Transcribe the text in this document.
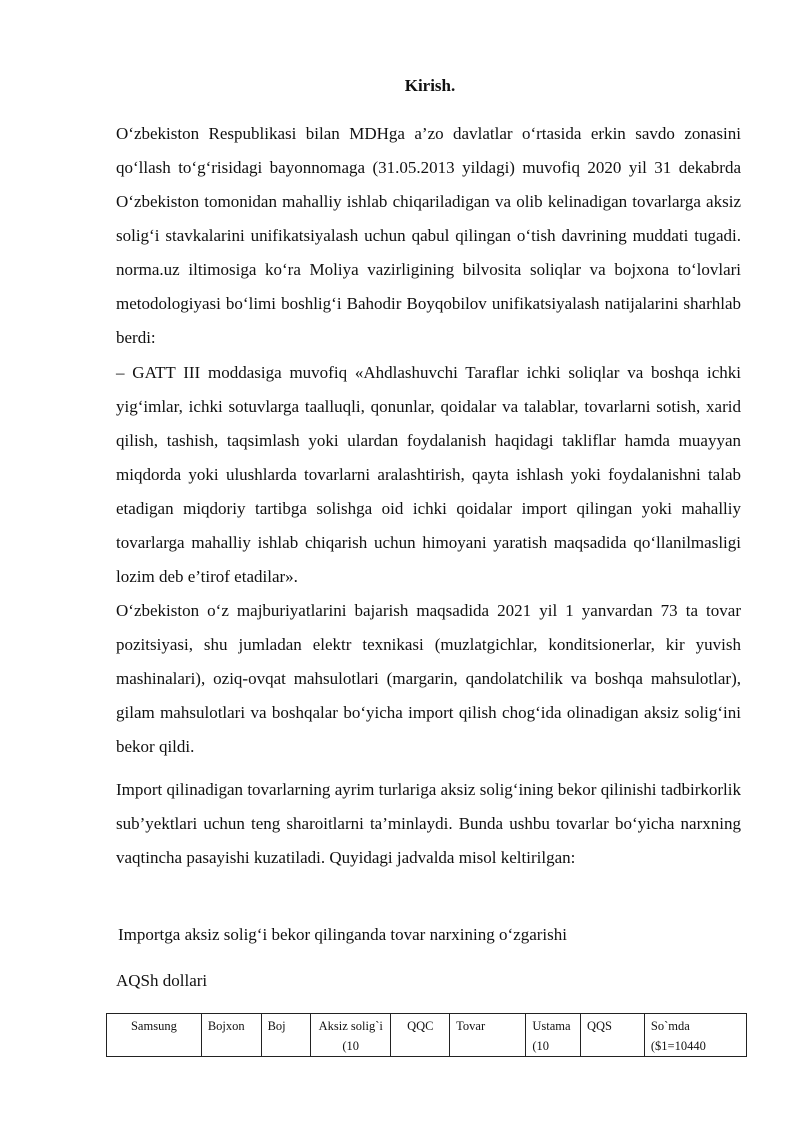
Kirish.

O‘zbekiston Respublikasi bilan MDHga a’zo davlatlar o‘rtasida erkin savdo zonasini qo‘llash to‘g‘risidagi bayonnomaga (31.05.2013 yildagi) muvofiq 2020 yil 31 dekabrda O‘zbekiston tomonidan mahalliy ishlab chiqariladigan va olib kelinadigan tovarlarga aksiz solig‘i stavkalarini unifikatsiyalash uchun qabul qilingan o‘tish davrining muddati tugadi. norma.uz iltimosiga ko‘ra Moliya vazirligining bilvosita soliqlar va bojxona to‘lovlari metodologiyasi bo‘limi boshlig‘i Bahodir Boyqobilov unifikatsiyalash natijalarini sharhlab berdi:

– GATT III moddasiga muvofiq «Ahdlashuvchi Taraflar ichki soliqlar va boshqa ichki yig‘imlar, ichki sotuvlarga taalluqli, qonunlar, qoidalar va talablar, tovarlarni sotish, xarid qilish, tashish, taqsimlash yoki ulardan foydalanish haqidagi takliflar hamda muayyan miqdorda yoki ulushlarda tovarlarni aralashtirish, qayta ishlash yoki foydalanishni talab etadigan miqdoriy tartibga solishga oid ichki qoidalar import qilingan yoki mahalliy tovarlarga mahalliy ishlab chiqarish uchun himoyani yaratish maqsadida qo‘llanilmasligi lozim deb e’tirof etadilar».

O‘zbekiston o‘z majburiyatlarini bajarish maqsadida 2021 yil 1 yanvardan 73 ta tovar pozitsiyasi, shu jumladan elektr texnikasi (muzlatgichlar, konditsionerlar, kir yuvish mashinalari), oziq-ovqat mahsulotlari (margarin, qandolatchilik va boshqa mahsulotlar), gilam mahsulotlari va boshqalar bo‘yicha import qilish chog‘ida olinadigan aksiz solig‘ini bekor qildi.

Import qilinadigan tovarlarning ayrim turlariga aksiz solig‘ining bekor qilinishi tadbirkorlik sub’yektlari uchun teng sharoitlarni ta’minlaydi. Bunda ushbu tovarlar bo‘yicha narxning vaqtincha pasayishi kuzatiladi. Quyidagi jadvalda misol keltirilgan:

Importga aksiz solig‘i bekor qilinganda tovar narxining o‘zgarishi
AQSh dollari
Samsung	Bojxon	Boj	Aksiz solig`i (10	QQC	Tovar	Ustama (10	QQS	So`mda ($1=10440
